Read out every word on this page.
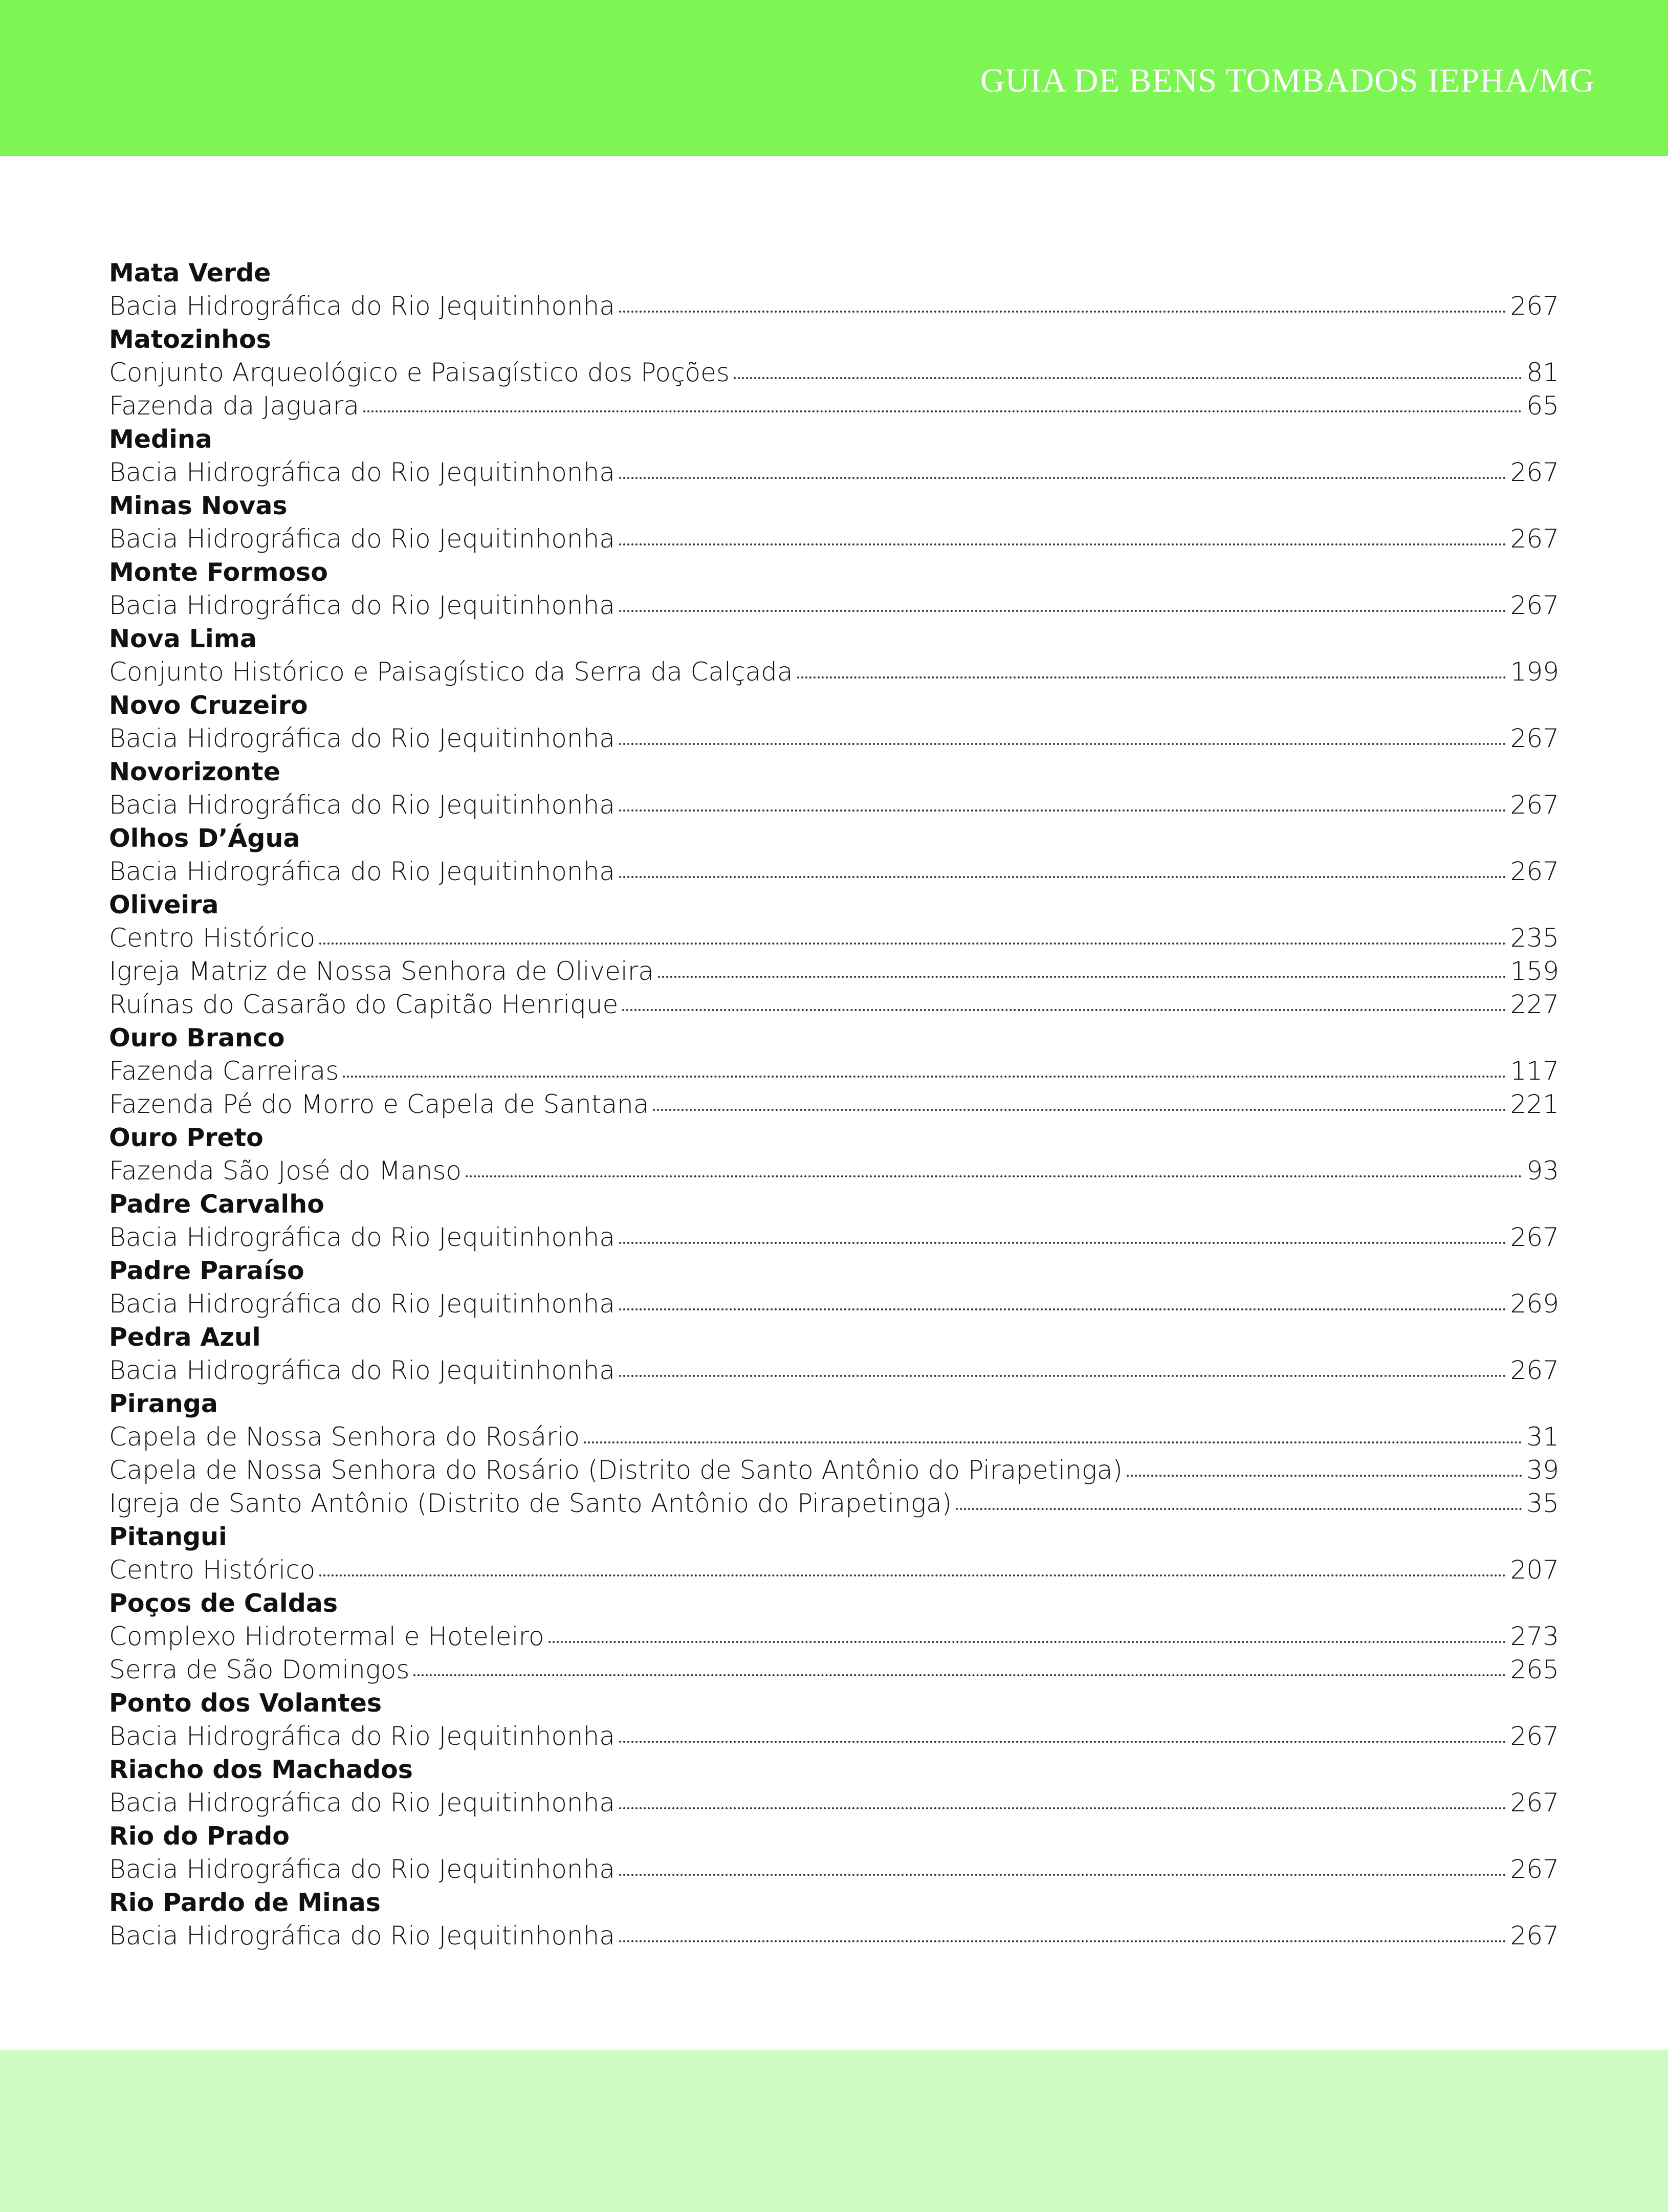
GUIA DE BENS TOMBADOS IEPHA/MG
Mata Verde
Bacia Hidrográfica do Rio Jequitinhonha	267
Matozinhos
Conjunto Arqueológico e Paisagístico dos Poções	81
Fazenda da Jaguara	65
Medina
Bacia Hidrográfica do Rio Jequitinhonha	267
Minas Novas
Bacia Hidrográfica do Rio Jequitinhonha	267
Monte Formoso
Bacia Hidrográfica do Rio Jequitinhonha	267
Nova Lima
Conjunto Histórico e Paisagístico da Serra da Calçada	199
Novo Cruzeiro
Bacia Hidrográfica do Rio Jequitinhonha	267
Novorizonte
Bacia Hidrográfica do Rio Jequitinhonha	267
Olhos D’Água
Bacia Hidrográfica do Rio Jequitinhonha	267
Oliveira
Centro Histórico	235
Igreja Matriz de Nossa Senhora de Oliveira	159
Ruínas do Casarão do Capitão Henrique	227
Ouro Branco
Fazenda Carreiras	117
Fazenda Pé do Morro e Capela de Santana	221
Ouro Preto
Fazenda São José do Manso	93
Padre Carvalho
Bacia Hidrográfica do Rio Jequitinhonha	267
Padre Paraíso
Bacia Hidrográfica do Rio Jequitinhonha	269
Pedra Azul
Bacia Hidrográfica do Rio Jequitinhonha	267
Piranga
Capela de Nossa Senhora do Rosário	31
Capela de Nossa Senhora do Rosário (Distrito de Santo Antônio do Pirapetinga)	39
Igreja de Santo Antônio (Distrito de Santo Antônio do Pirapetinga)	35
Pitangui
Centro Histórico	207
Poços de Caldas
Complexo Hidrotermal e Hoteleiro	273
Serra de São Domingos	265
Ponto dos Volantes
Bacia Hidrográfica do Rio Jequitinhonha	267
Riacho dos Machados
Bacia Hidrográfica do Rio Jequitinhonha	267
Rio do Prado
Bacia Hidrográfica do Rio Jequitinhonha	267
Rio Pardo de Minas
Bacia Hidrográfica do Rio Jequitinhonha	267
